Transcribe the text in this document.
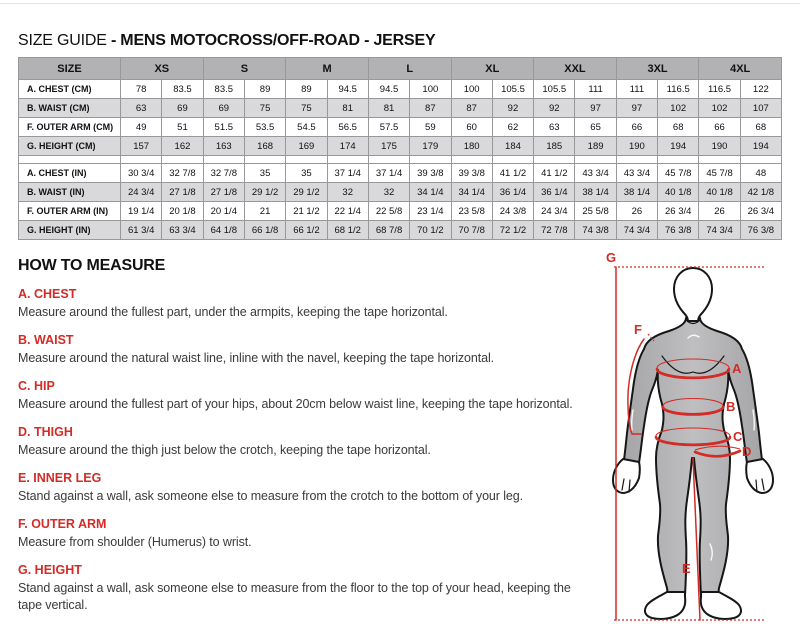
SIZE GUIDE - MENS MOTOCROSS/OFF-ROAD - JERSEY
SIZE	XS		S		M		L		XL		XXL		3XL		4XL	
A. CHEST (CM)	78	83.5	83.5	89	89	94.5	94.5	100	100	105.5	105.5	111	111	116.5	116.5	122
B. WAIST (CM)	63	69	69	75	75	81	81	87	87	92	92	97	97	102	102	107
F. OUTER ARM (CM)	49	51	51.5	53.5	54.5	56.5	57.5	59	60	62	63	65	66	68	66	68
G. HEIGHT (CM)	157	162	163	168	169	174	175	179	180	184	185	189	190	194	190	194

A. CHEST (IN)	30 3/4	32 7/8	32 7/8	35	35	37 1/4	37 1/4	39 3/8	39 3/8	41 1/2	41 1/2	43 3/4	43 3/4	45 7/8	45 7/8	48
B. WAIST (IN)	24 3/4	27 1/8	27 1/8	29 1/2	29 1/2	32	32	34 1/4	34 1/4	36 1/4	36 1/4	38 1/4	38 1/4	40 1/8	40 1/8	42 1/8
F. OUTER ARM (IN)	19 1/4	20 1/8	20 1/4	21	21 1/2	22 1/4	22 5/8	23 1/4	23 5/8	24 3/8	24 3/4	25 5/8	26	26 3/4	26	26 3/4
G. HEIGHT (IN)	61 3/4	63 3/4	64 1/8	66 1/8	66 1/2	68 1/2	68 7/8	70 1/2	70 7/8	72 1/2	72 7/8	74 3/8	74 3/4	76 3/8	74 3/4	76 3/8
HOW TO MEASURE
A. CHEST
Measure around the fullest part, under the armpits, keeping the tape horizontal.
B. WAIST
Measure around the natural waist line, inline with the navel, keeping the tape horizontal.
C. HIP
Measure around the fullest part of your hips, about 20cm below waist line, keeping the tape horizontal.
D. THIGH
Measure around the thigh just below the crotch, keeping the tape horizontal.
E. INNER LEG
Stand against a wall, ask someone else to measure from the crotch to the bottom of your leg.
F. OUTER ARM
Measure from shoulder (Humerus) to wrist.
G. HEIGHT
Stand against a wall, ask someone else to measure from the floor to the top of your head, keeping the tape vertical.
G
F
A
B
C
D
E
